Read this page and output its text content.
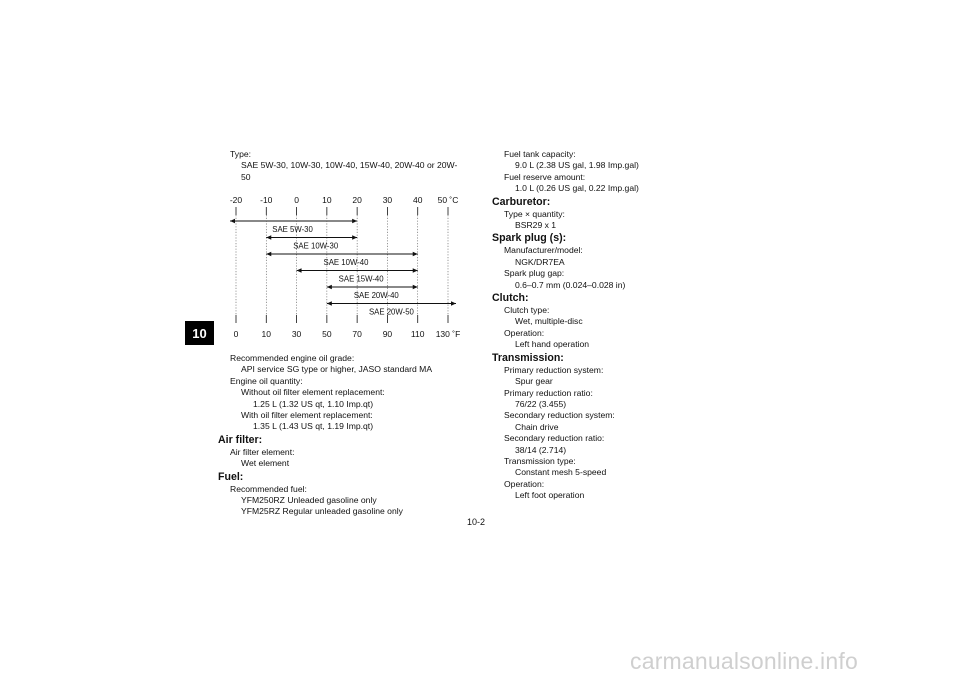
10
Type:
SAE 5W-30, 10W-30, 10W-40, 15W-40, 20W-40 or 20W-
50
-20 -10	0	10 20 30 40 50 ˚C
0	10 30 50 70 90 110 130 ˚F
SAE 5W-30
SAE 10W-30
SAE 10W-40
SAE 15W-40
SAE 20W-40
SAE 20W-50
Recommended engine oil grade:
API service SG type or higher, JASO standard MA
Engine oil quantity:
Without oil filter element replacement:
1.25 L (1.32 US qt, 1.10 Imp.qt)
With oil filter element replacement:
1.35 L (1.43 US qt, 1.19 Imp.qt)
Air filter:
Air filter element:
Wet element
Fuel:
Recommended fuel:
YFM250RZ Unleaded gasoline only
YFM25RZ Regular unleaded gasoline only
Fuel tank capacity:
9.0 L (2.38 US gal, 1.98 Imp.gal)
Fuel reserve amount:
1.0 L (0.26 US gal, 0.22 Imp.gal)
Carburetor:
Type × quantity:
BSR29 x 1
Spark plug (s):
Manufacturer/model:
NGK/DR7EA
Spark plug gap:
0.6–0.7 mm (0.024–0.028 in)
Clutch:
Clutch type:
Wet, multiple-disc
Operation:
Left hand operation
Transmission:
Primary reduction system:
Spur gear
Primary reduction ratio:
76/22 (3.455)
Secondary reduction system:
Chain drive
Secondary reduction ratio:
38/14 (2.714)
Transmission type:
Constant mesh 5-speed
Operation:
Left foot operation
10-2
carmanualsonline.info
